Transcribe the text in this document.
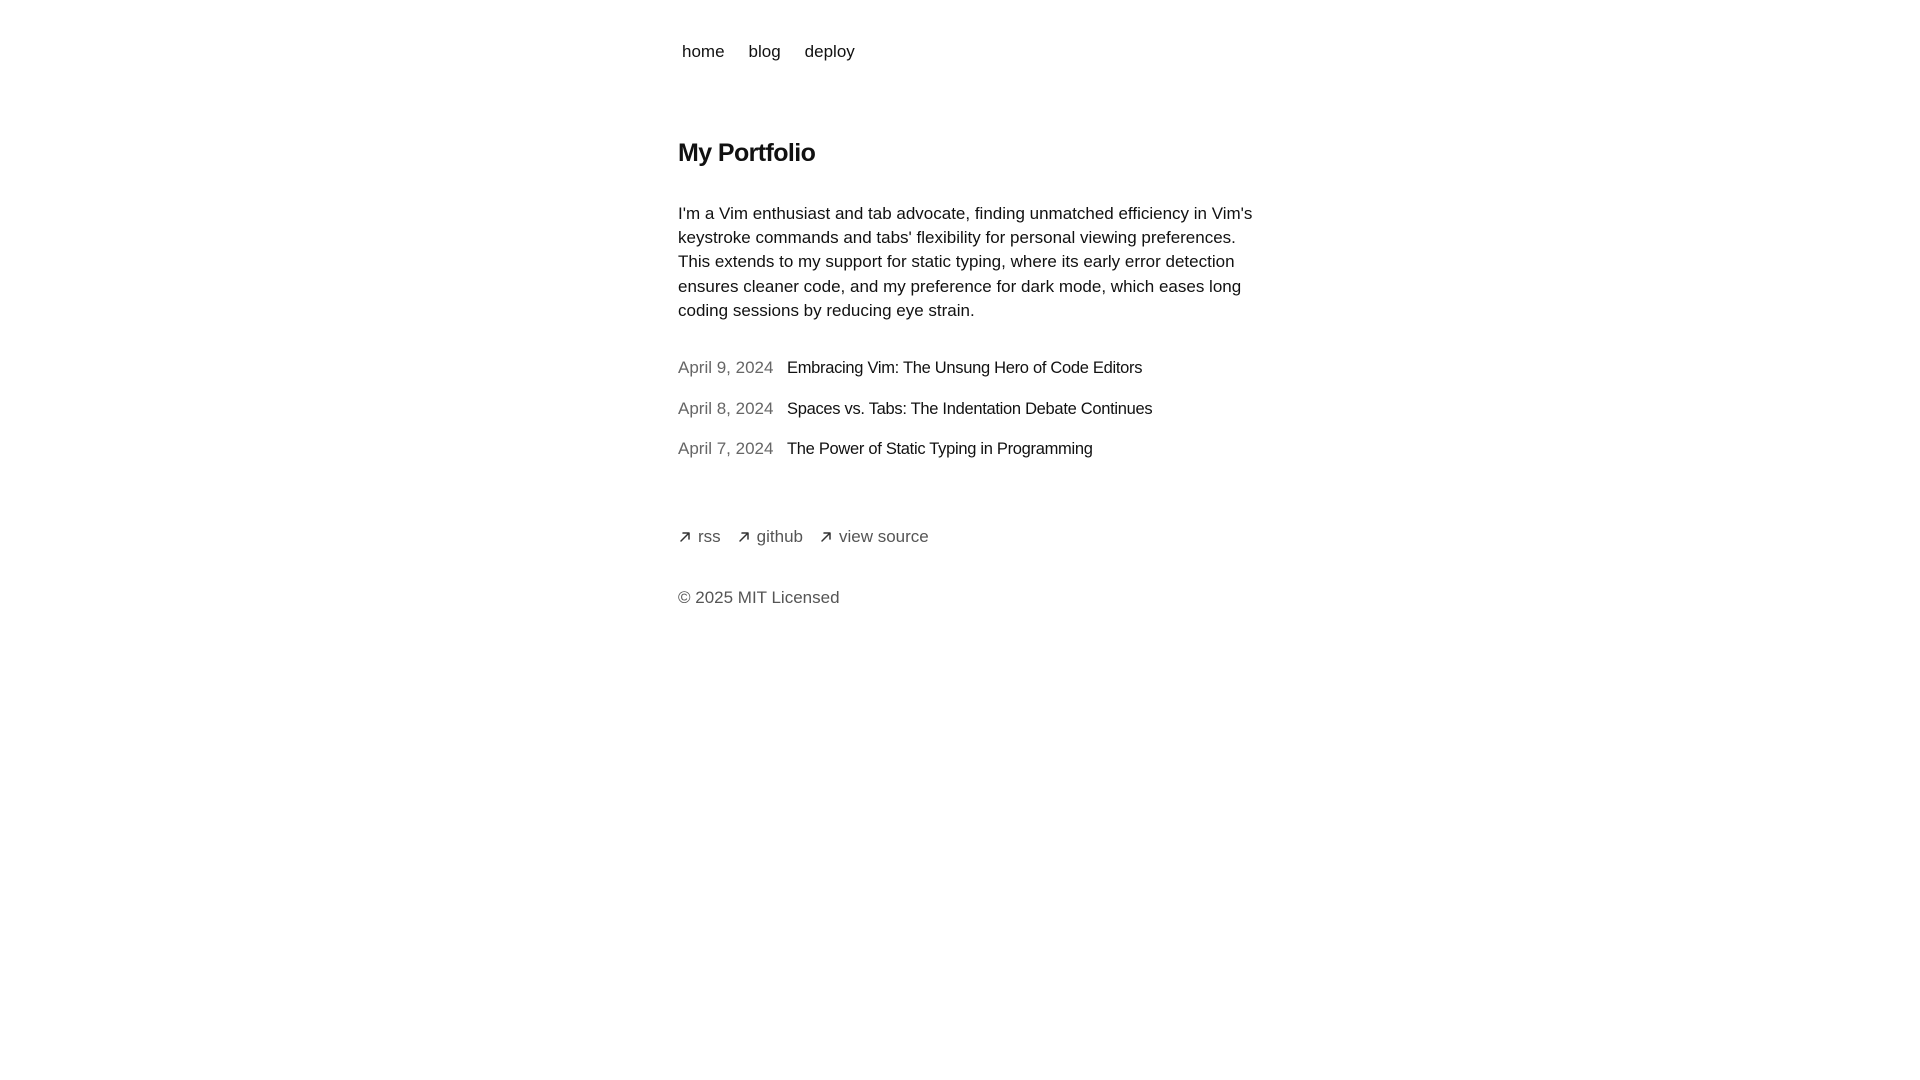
home blog deploy
My Portfolio

I'm a Vim enthusiast and tab advocate, finding unmatched efficiency in Vim's keystroke commands and tabs' flexibility for personal viewing preferences. This extends to my support for static typing, where its early error detection ensures cleaner code, and my preference for dark mode, which eases long coding sessions by reducing eye strain.

April 9, 2024 Embracing Vim: The Unsung Hero of Code Editors
April 8, 2024 Spaces vs. Tabs: The Indentation Debate Continues
April 7, 2024 The Power of Static Typing in Programming
rss github view source

© 2025 MIT Licensed
